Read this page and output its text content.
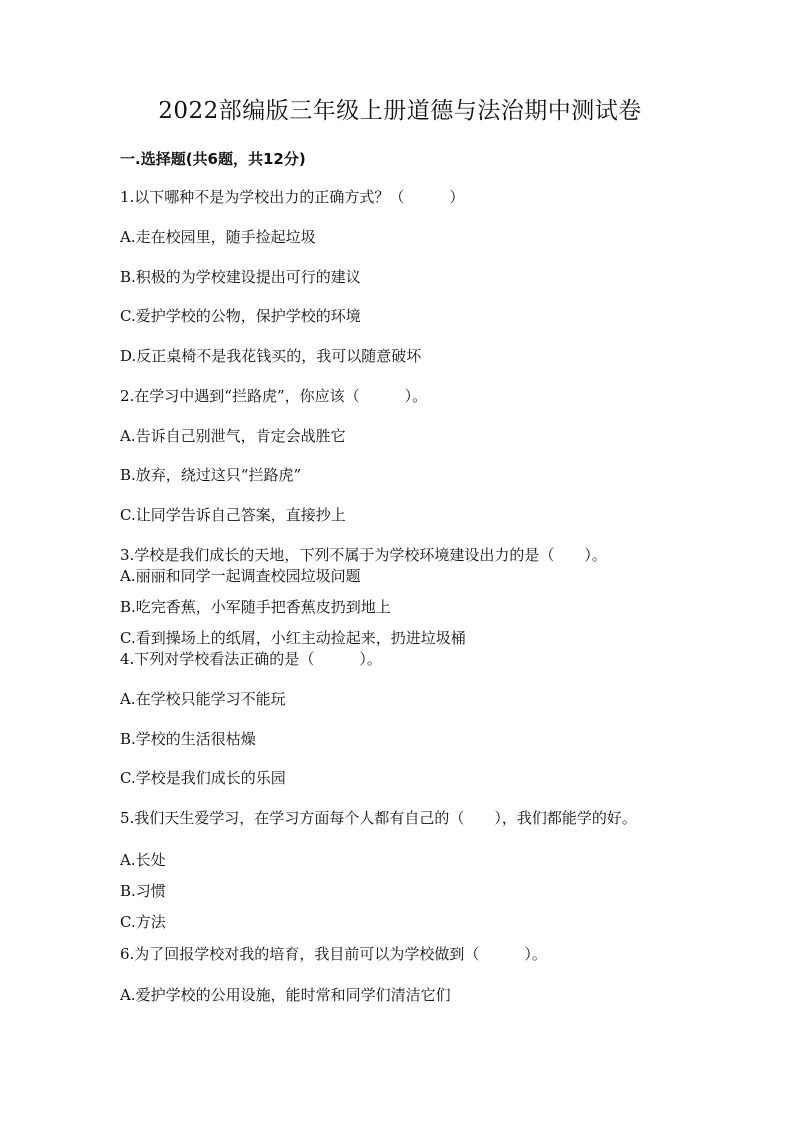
2022部编版三年级上册道德与法治期中测试卷
一.选择题(共6题，共12分)
1.以下哪种不是为学校出力的正确方式？（　　　）
A.走在校园里，随手捡起垃圾
B.积极的为学校建设提出可行的建议
C.爱护学校的公物，保护学校的环境
D.反正桌椅不是我花钱买的，我可以随意破坏
2.在学习中遇到“拦路虎”，你应该（　　　）。
A.告诉自己别泄气，肯定会战胜它
B.放弃，绕过这只“拦路虎”
C.让同学告诉自己答案，直接抄上
3.学校是我们成长的天地，下列不属于为学校环境建设出力的是（　　）。
A.丽丽和同学一起调查校园垃圾问题
B.吃完香蕉，小军随手把香蕉皮扔到地上
C.看到操场上的纸屑，小红主动捡起来，扔进垃圾桶
4.下列对学校看法正确的是（　　　）。
A.在学校只能学习不能玩
B.学校的生活很枯燥
C.学校是我们成长的乐园
5.我们天生爱学习，在学习方面每个人都有自己的（　　），我们都能学的好。
A.长处
B.习惯
C.方法
6.为了回报学校对我的培育，我目前可以为学校做到（　　　）。
A.爱护学校的公用设施，能时常和同学们清洁它们
